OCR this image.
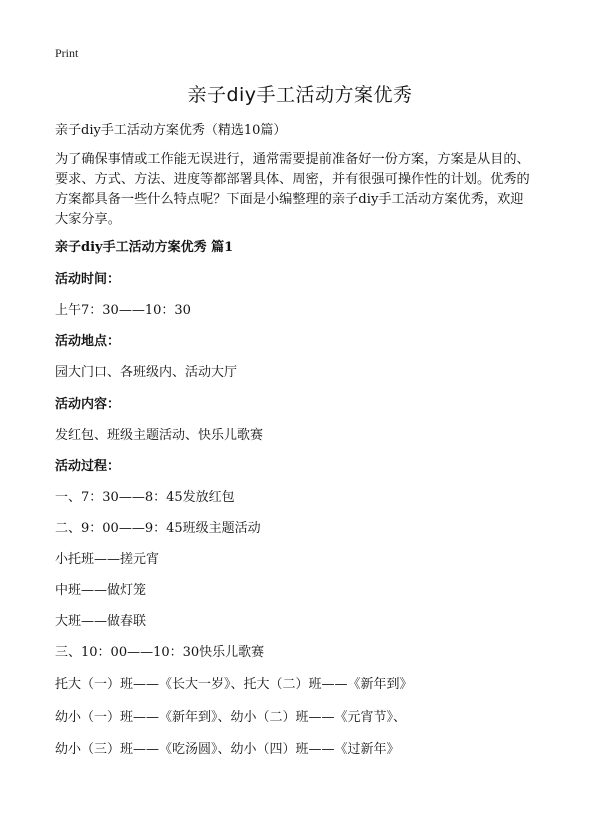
Print
亲子diy手工活动方案优秀

亲子diy手工活动方案优秀（精选10篇）

为了确保事情或工作能无误进行，通常需要提前准备好一份方案，方案是从目的、
要求、方式、方法、进度等都部署具体、周密，并有很强可操作性的计划。优秀的
方案都具备一些什么特点呢？下面是小编整理的亲子diy手工活动方案优秀，欢迎
大家分享。

亲子diy手工活动方案优秀 篇1

活动时间：

上午7：30——10：30

活动地点：

园大门口、各班级内、活动大厅

活动内容：

发红包、班级主题活动、快乐儿歌赛

活动过程：

一、7：30——8：45发放红包

二、9：00——9：45班级主题活动

小托班——搓元宵

中班——做灯笼

大班——做春联

三、10：00——10：30快乐儿歌赛

托大（一）班——《长大一岁》、托大（二）班——《新年到》

幼小（一）班——《新年到》、幼小（二）班——《元宵节》、

幼小（三）班——《吃汤圆》、幼小（四）班——《过新年》
